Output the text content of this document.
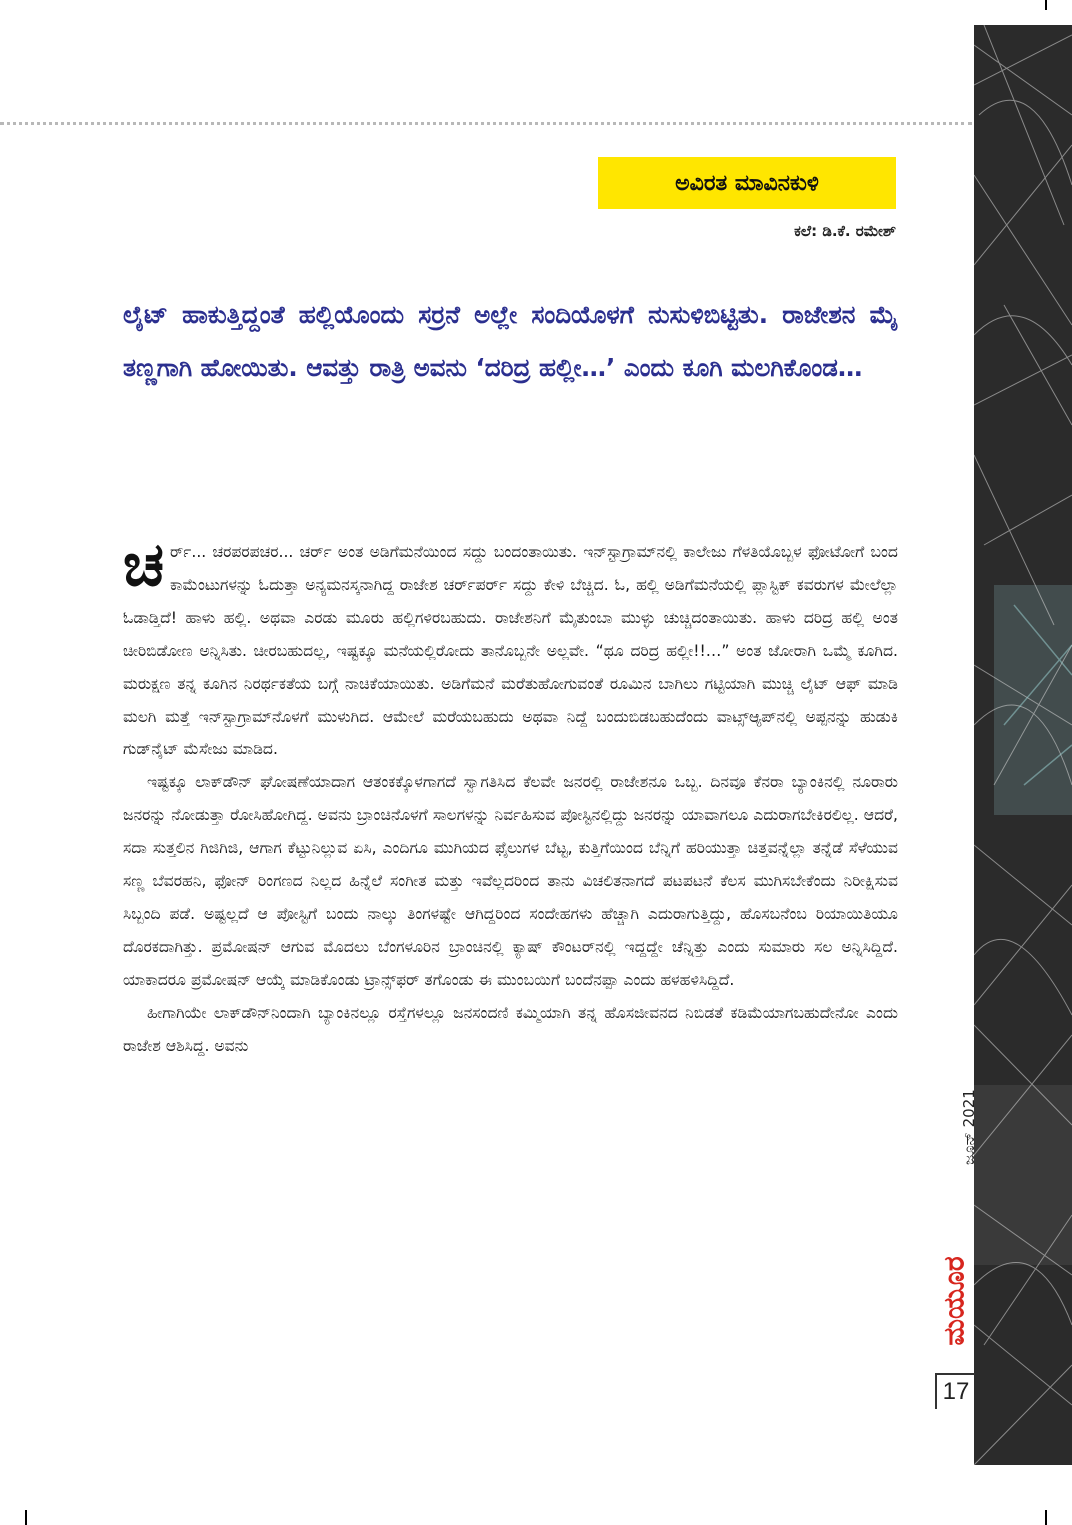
ಅವಿರತ ಮಾವಿನಕುಳಿ
ಕಲೆ: ಡಿ.ಕೆ. ರಮೇಶ್

ಲೈಟ್ ಹಾಕುತ್ತಿದ್ದಂತೆ ಹಲ್ಲಿಯೊಂದು ಸರ್ರನೆ ಅಲ್ಲೇ ಸಂದಿಯೊಳಗೆ ನುಸುಳಿಬಿಟ್ಟಿತು. ರಾಜೇಶನ ಮೈ ತಣ್ಣಗಾಗಿ ಹೋಯಿತು. ಆವತ್ತು ರಾತ್ರಿ ಅವನು ‘ದರಿದ್ರ ಹಲ್ಲೀ…’ ಎಂದು ಕೂಗಿ ಮಲಗಿಕೊಂಡ…

ಚರ್ರ್... ಚರಪರಪಚರ... ಚರ್ರ್ ಅಂತ ಅಡಿಗೆಮನೆಯಿಂದ ಸದ್ದು ಬಂದಂತಾಯಿತು. ಇನ್‌ಸ್ಟಾಗ್ರಾಮ್‌ನಲ್ಲಿ ಕಾಲೇಜು ಗೆಳತಿಯೊಬ್ಬಳ ಫೋಟೋಗೆ ಬಂದ ಕಾಮೆಂಟುಗಳನ್ನು ಓದುತ್ತಾ ಅನ್ಯಮನಸ್ಕನಾಗಿದ್ದ ರಾಜೇಶ ಚರ್ರ್‌ಪರ್ರ್ ಸದ್ದು ಕೇಳಿ ಬೆಚ್ಚಿದ. ಓ, ಹಲ್ಲಿ ಅಡಿಗೆಮನೆಯಲ್ಲಿ ಪ್ಲಾಸ್ಟಿಕ್ ಕವರುಗಳ ಮೇಲೆಲ್ಲಾ ಓಡಾಡ್ತಿದೆ! ಹಾಳು ಹಲ್ಲಿ. ಅಥವಾ ಎರಡು ಮೂರು ಹಲ್ಲಿಗಳಿರಬಹುದು. ರಾಜೇಶನಿಗೆ ಮೈತುಂಬಾ ಮುಳ್ಳು ಚುಚ್ಚಿದಂತಾಯಿತು. ಹಾಳು ದರಿದ್ರ ಹಲ್ಲಿ ಅಂತ ಚೀರಿಬಿಡೋಣ ಅನ್ನಿಸಿತು. ಚೀರಬಹುದಲ್ಲ, ಇಷ್ಟಕ್ಕೂ ಮನೆಯಲ್ಲಿರೋದು ತಾನೊಬ್ಬನೇ ಅಲ್ಲವೇ. “ಥೂ ದರಿದ್ರ ಹಲ್ಲೀ!!…” ಅಂತ ಜೋರಾಗಿ ಒಮ್ಮೆ ಕೂಗಿದ. ಮರುಕ್ಷಣ ತನ್ನ ಕೂಗಿನ ನಿರರ್ಥಕತೆಯ ಬಗ್ಗೆ ನಾಚಿಕೆಯಾಯಿತು. ಅಡಿಗೆಮನೆ ಮರೆತುಹೋಗುವಂತೆ ರೂಮಿನ ಬಾಗಿಲು ಗಟ್ಟಿಯಾಗಿ ಮುಚ್ಚಿ ಲೈಟ್ ಆಫ್ ಮಾಡಿ ಮಲಗಿ ಮತ್ತೆ ಇನ್‌ಸ್ಟಾಗ್ರಾಮ್‌ನೊಳಗೆ ಮುಳುಗಿದ. ಆಮೇಲೆ ಮರೆಯಬಹುದು ಅಥವಾ ನಿದ್ದೆ ಬಂದುಬಿಡಬಹುದೆಂದು ವಾಟ್ಸ್‌ಆ್ಯಪ್‌ನಲ್ಲಿ ಅಪ್ಪನನ್ನು ಹುಡುಕಿ ಗುಡ್‌ನೈಟ್ ಮೆಸೇಜು ಮಾಡಿದ.

ಇಷ್ಟಕ್ಕೂ ಲಾಕ್‌ಡೌನ್ ಘೋಷಣೆಯಾದಾಗ ಆತಂಕಕ್ಕೊಳಗಾಗದೆ ಸ್ವಾಗತಿಸಿದ ಕೆಲವೇ ಜನರಲ್ಲಿ ರಾಜೇಶನೂ ಒಬ್ಬ. ದಿನವೂ ಕೆನರಾ ಬ್ಯಾಂಕಿನಲ್ಲಿ ನೂರಾರು ಜನರನ್ನು ನೋಡುತ್ತಾ ರೋಸಿಹೋಗಿದ್ದ. ಅವನು ಬ್ರಾಂಚಿನೊಳಗೆ ಸಾಲಗಳನ್ನು ನಿರ್ವಹಿಸುವ ಪೋಸ್ಟಿನಲ್ಲಿದ್ದು ಜನರನ್ನು ಯಾವಾಗಲೂ ಎದುರಾಗಬೇಕಿರಲಿಲ್ಲ. ಆದರೆ, ಸದಾ ಸುತ್ತಲಿನ ಗಿಜಿಗಿಜಿ, ಆಗಾಗ ಕೆಟ್ಟುನಿಲ್ಲುವ ಏಸಿ, ಎಂದಿಗೂ ಮುಗಿಯದ ಫೈಲುಗಳ ಬೆಟ್ಟ, ಕುತ್ತಿಗೆಯಿಂದ ಬೆನ್ನಿಗೆ ಹರಿಯುತ್ತಾ ಚಿತ್ತವನ್ನೆಲ್ಲಾ ತನ್ನೆಡೆ ಸೆಳೆಯುವ ಸಣ್ಣ ಬೆವರಹನಿ, ಫೋನ್ ರಿಂಗಣದ ನಿಲ್ಲದ ಹಿನ್ನೆಲೆ ಸಂಗೀತ ಮತ್ತು ಇವೆಲ್ಲದರಿಂದ ತಾನು ವಿಚಲಿತನಾಗದೆ ಪಟಪಟನೆ ಕೆಲಸ ಮುಗಿಸಬೇಕೆಂದು ನಿರೀಕ್ಷಿಸುವ ಸಿಬ್ಬಂದಿ ಪಡೆ. ಅಷ್ಟಲ್ಲದೆ ಆ ಪೋಸ್ಟಿಗೆ ಬಂದು ನಾಲ್ಕು ತಿಂಗಳಷ್ಟೇ ಆಗಿದ್ದರಿಂದ ಸಂದೇಹಗಳು ಹೆಚ್ಚಾಗಿ ಎದುರಾಗುತ್ತಿದ್ದು, ಹೊಸಬನೆಂಬ ರಿಯಾಯಿತಿಯೂ ದೊರಕದಾಗಿತ್ತು. ಪ್ರಮೋಷನ್ ಆಗುವ ಮೊದಲು ಬೆಂಗಳೂರಿನ ಬ್ರಾಂಚಿನಲ್ಲಿ ಕ್ಯಾಷ್ ಕೌಂಟರ್‌ನಲ್ಲಿ ಇದ್ದದ್ದೇ ಚೆನ್ನಿತ್ತು ಎಂದು ಸುಮಾರು ಸಲ ಅನ್ನಿಸಿದ್ದಿದೆ. ಯಾಕಾದರೂ ಪ್ರಮೋಷನ್ ಆಯ್ಕೆ ಮಾಡಿಕೊಂಡು ಟ್ರಾನ್ಸ್‌ಫರ್ ತಗೊಂಡು ಈ ಮುಂಬಯಿಗೆ ಬಂದೆನಪ್ಪಾ ಎಂದು ಹಳಹಳಿಸಿದ್ದಿದೆ.

ಹೀಗಾಗಿಯೇ ಲಾಕ್‌ಡೌನ್‌ನಿಂದಾಗಿ ಬ್ಯಾಂಕಿನಲ್ಲೂ ರಸ್ತೆಗಳಲ್ಲೂ ಜನಸಂದಣಿ ಕಮ್ಮಿಯಾಗಿ ತನ್ನ ಹೊಸಜೀವನದ ನಿಬಿಡತೆ ಕಡಿಮೆಯಾಗಬಹುದೇನೋ ಎಂದು ರಾಜೇಶ ಆಶಿಸಿದ್ದ. ಅವನು

ಜೂನ್ 2021
ಮಯೂರ
17
